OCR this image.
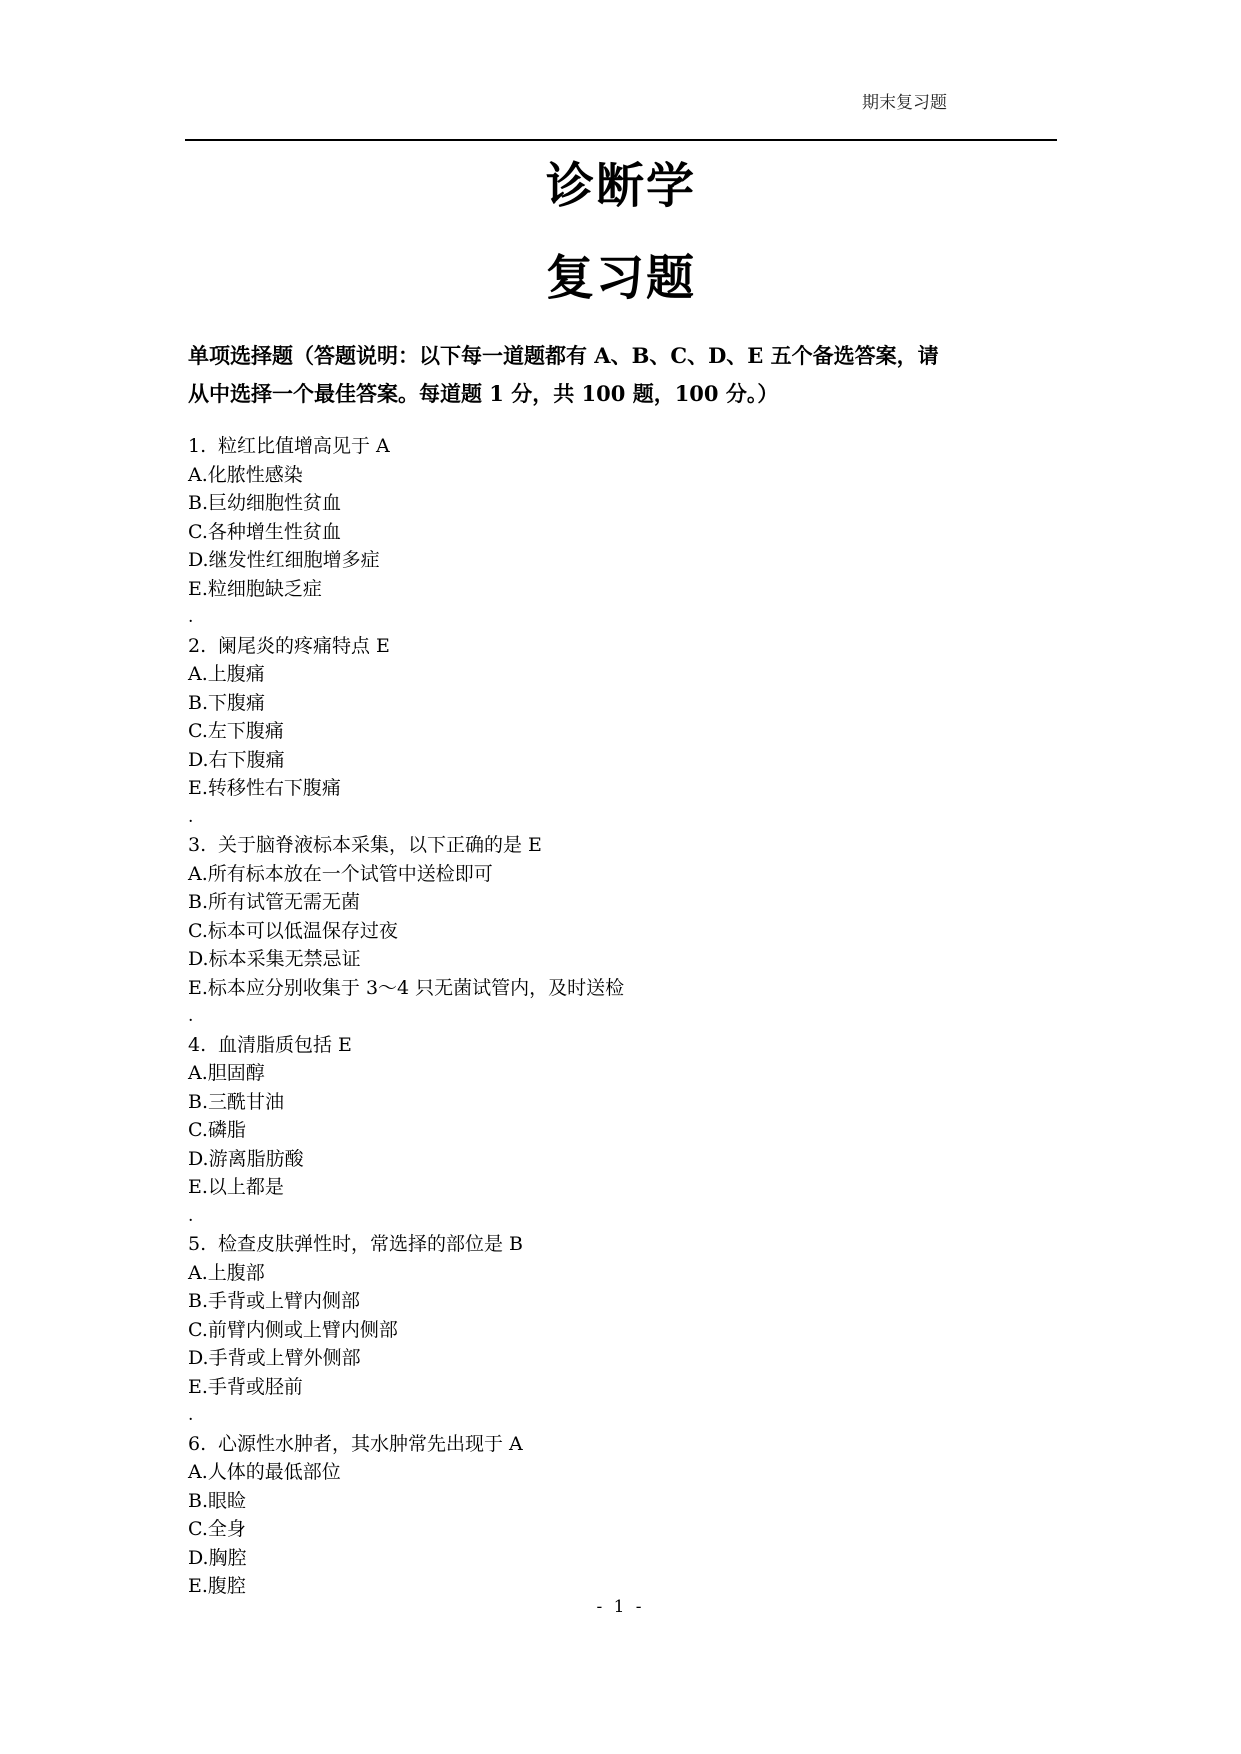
期末复习题
诊断学
复习题
单项选择题（答题说明：以下每一道题都有 A、B、C、D、E 五个备选答案，请
从中选择一个最佳答案。每道题 1 分，共 100 题，100 分。）
1. 粒红比值增高见于 A
A.化脓性感染
B.巨幼细胞性贫血
C.各种增生性贫血
D.继发性红细胞增多症
E.粒细胞缺乏症
.
2. 阑尾炎的疼痛特点 E
A.上腹痛
B.下腹痛
C.左下腹痛
D.右下腹痛
E.转移性右下腹痛
.
3. 关于脑脊液标本采集，以下正确的是 E
A.所有标本放在一个试管中送检即可
B.所有试管无需无菌
C.标本可以低温保存过夜
D.标本采集无禁忌证
E.标本应分别收集于 3～4 只无菌试管内，及时送检
.
4. 血清脂质包括 E
A.胆固醇
B.三酰甘油
C.磷脂
D.游离脂肪酸
E.以上都是
.
5. 检查皮肤弹性时，常选择的部位是 B
A.上腹部
B.手背或上臂内侧部
C.前臂内侧或上臂内侧部
D.手背或上臂外侧部
E.手背或胫前
.
6. 心源性水肿者，其水肿常先出现于 A
A.人体的最低部位
B.眼睑
C.全身
D.胸腔
E.腹腔
- 1 -
